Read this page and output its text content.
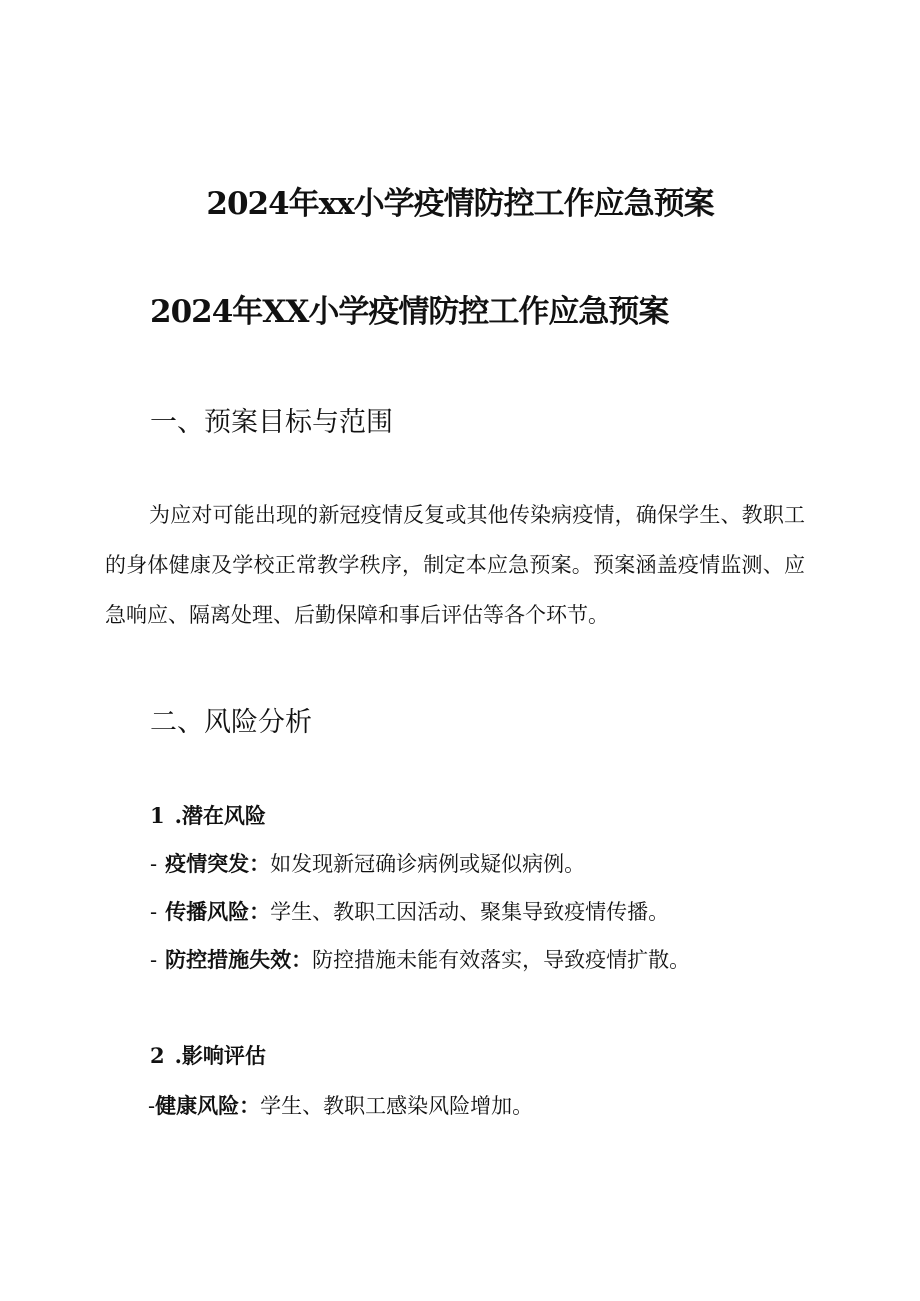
2024年xx小学疫情防控工作应急预案
2024年XX小学疫情防控工作应急预案
一、预案目标与范围
为应对可能出现的新冠疫情反复或其他传染病疫情，确保学生、教职工的身体健康及学校正常教学秩序，制定本应急预案。预案涵盖疫情监测、应急响应、隔离处理、后勤保障和事后评估等各个环节。
二、风险分析
1 .潜在风险
- 疫情突发：如发现新冠确诊病例或疑似病例。
- 传播风险：学生、教职工因活动、聚集导致疫情传播。
- 防控措施失效：防控措施未能有效落实，导致疫情扩散。
2 .影响评估
-健康风险：学生、教职工感染风险增加。
